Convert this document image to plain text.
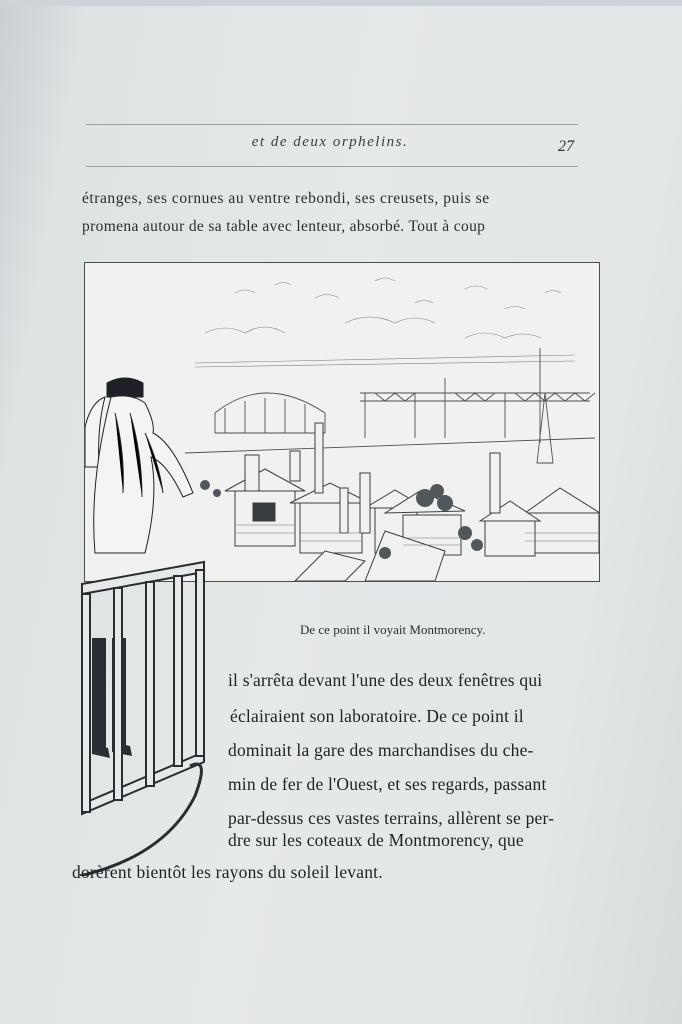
et de deux orphelins.	27
étranges, ses cornues au ventre rebondi, ses creusets, puis se
promena autour de sa table avec lenteur, absorbé. Tout à coup
De ce point il voyait Montmorency.
il s'arrêta devant l'une des deux fenêtres qui
éclairaient son laboratoire. De ce point il
dominait la gare des marchandises du che-
min de fer de l'Ouest, et ses regards, passant
par-dessus ces vastes terrains, allèrent se per-
dre sur les coteaux de Montmorency, que
dorèrent bientôt les rayons du soleil levant.
